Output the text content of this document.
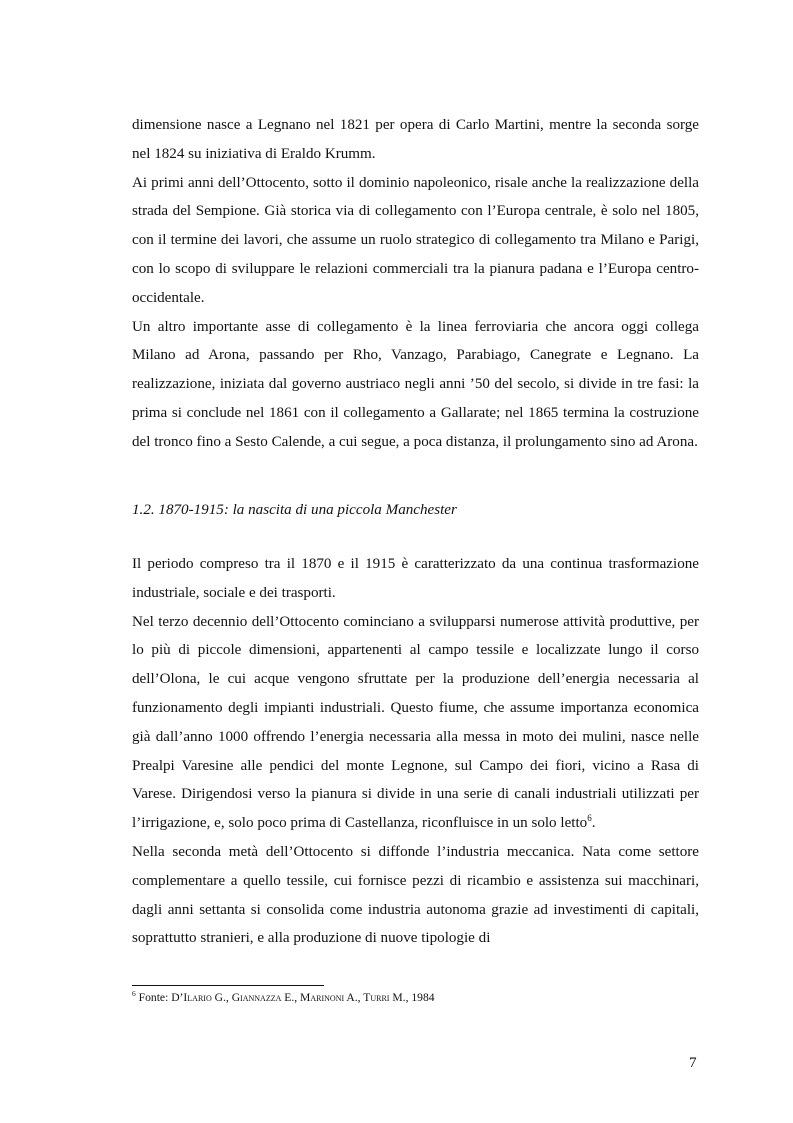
dimensione nasce a Legnano nel 1821 per opera di Carlo Martini, mentre la seconda sorge nel 1824 su iniziativa di Eraldo Krumm.

Ai primi anni dell’Ottocento, sotto il dominio napoleonico, risale anche la realizzazione della strada del Sempione. Già storica via di collegamento con l’Europa centrale, è solo nel 1805, con il termine dei lavori, che assume un ruolo strategico di collegamento tra Milano e Parigi, con lo scopo di sviluppare le relazioni commerciali tra la pianura padana e l’Europa centro-occidentale.

Un altro importante asse di collegamento è la linea ferroviaria che ancora oggi collega Milano ad Arona, passando per Rho, Vanzago, Parabiago, Canegrate e Legnano. La realizzazione, iniziata dal governo austriaco negli anni ’50 del secolo, si divide in tre fasi: la prima si conclude nel 1861 con il collegamento a Gallarate; nel 1865 termina la costruzione del tronco fino a Sesto Calende, a cui segue, a poca distanza, il prolungamento sino ad Arona.

1.2. 1870-1915: la nascita di una piccola Manchester

Il periodo compreso tra il 1870 e il 1915 è caratterizzato da una continua trasformazione industriale, sociale e dei trasporti.

Nel terzo decennio dell’Ottocento cominciano a svilupparsi numerose attività produttive, per lo più di piccole dimensioni, appartenenti al campo tessile e localizzate lungo il corso dell’Olona, le cui acque vengono sfruttate per la produzione dell’energia necessaria al funzionamento degli impianti industriali. Questo fiume, che assume importanza economica già dall’anno 1000 offrendo l’energia necessaria alla messa in moto dei mulini, nasce nelle Prealpi Varesine alle pendici del monte Legnone, sul Campo dei fiori, vicino a Rasa di Varese. Dirigendosi verso la pianura si divide in una serie di canali industriali utilizzati per l’irrigazione, e, solo poco prima di Castellanza, riconfluisce in un solo letto$^6$.

Nella seconda metà dell’Ottocento si diffonde l’industria meccanica. Nata come settore complementare a quello tessile, cui fornisce pezzi di ricambio e assistenza sui macchinari, dagli anni settanta si consolida come industria autonoma grazie ad investimenti di capitali, soprattutto stranieri, e alla produzione di nuove tipologie di

$^6$ Fonte: D’Ilario G., Giannazza E., Marinoni A., Turri M., 1984
7
